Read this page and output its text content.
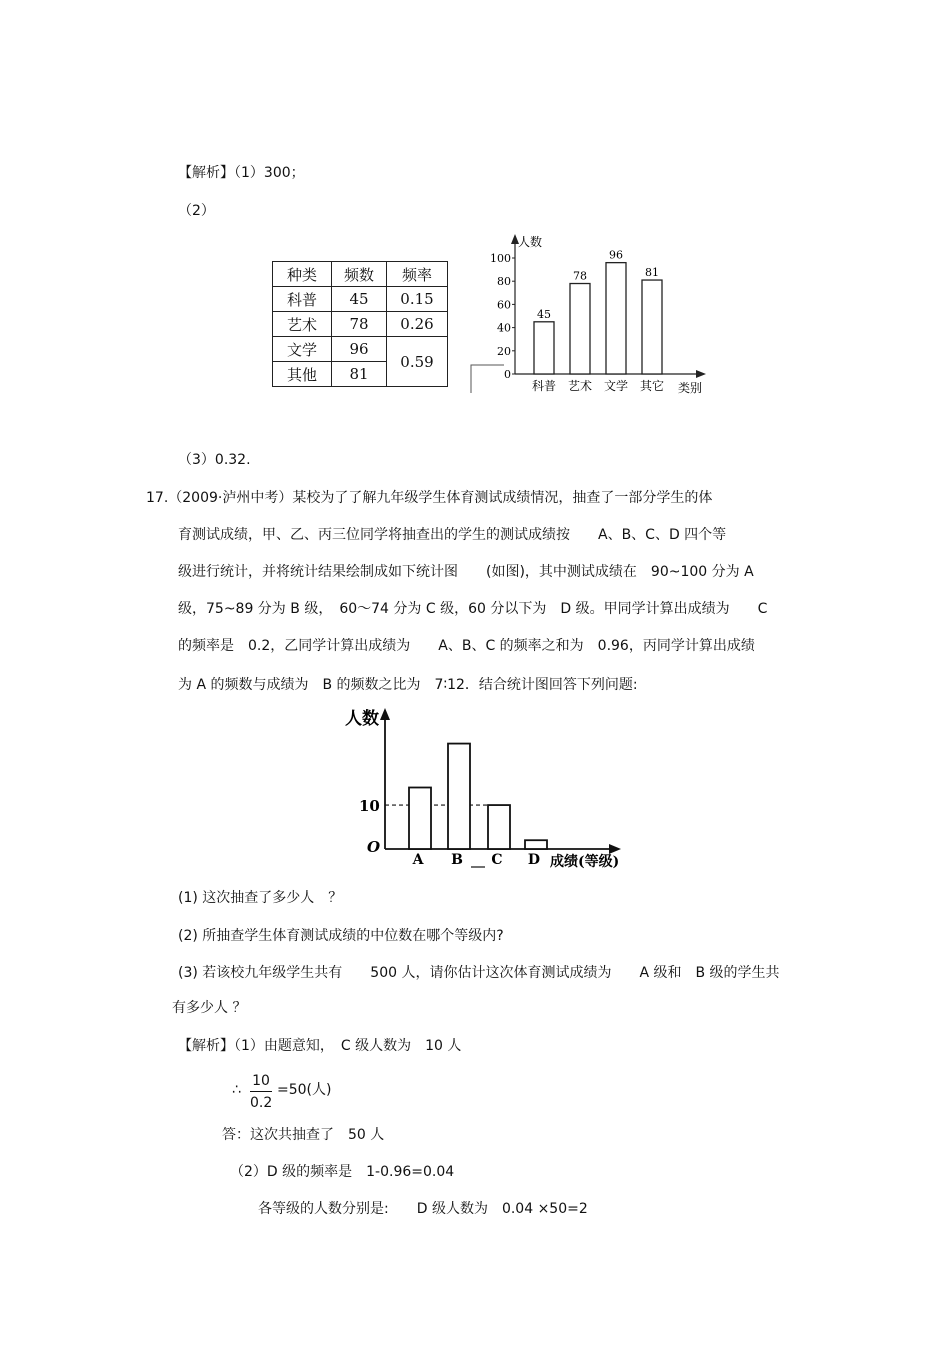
【解析】（1）300；
（2）
种类	频数	频率
科普	45	0.15
艺术	78	0.26
文学	96	0.59
其他	81	
人数
类别
0
20
40
60
80
100
45
科普
78
艺术
96
文学
81
其它
（3）0.32.
17.（2009·泸州中考）某校为了了解九年级学生体育测试成绩情况，抽查了一部分学生的体
育测试成绩，甲、乙、丙三位同学将抽查出的学生的测试成绩按　　A、B、C、D 四个等
级进行统计，并将统计结果绘制成如下统计图　　(如图)，其中测试成绩在　90~100 分为 A
级，75~89 分为 B 级，　60～74 分为 C 级，60 分以下为　D 级。甲同学计算出成绩为　　C
的频率是　0.2，乙同学计算出成绩为　　A、B、C 的频率之和为　0.96，丙同学计算出成绩
为 A 的频数与成绩为　B 的频数之比为　7∶12．结合统计图回答下列问题:
人数
成绩(等级)
O
10
A B C D
(1) 这次抽查了多少人　？
(2) 所抽查学生体育测试成绩的中位数在哪个等级内?
(3) 若该校九年级学生共有　　500 人，请你估计这次体育测试成绩为　　A 级和　B 级的学生共
有多少人 ？
【解析】（1）由题意知，　C 级人数为　10 人
∴ $\frac{10}{0.2} =50$(人)
答：这次共抽查了　50 人
（2）D 级的频率是　1-0.96=0.04
各等级的人数分别是:　　D 级人数为　0.04 ×50=2
